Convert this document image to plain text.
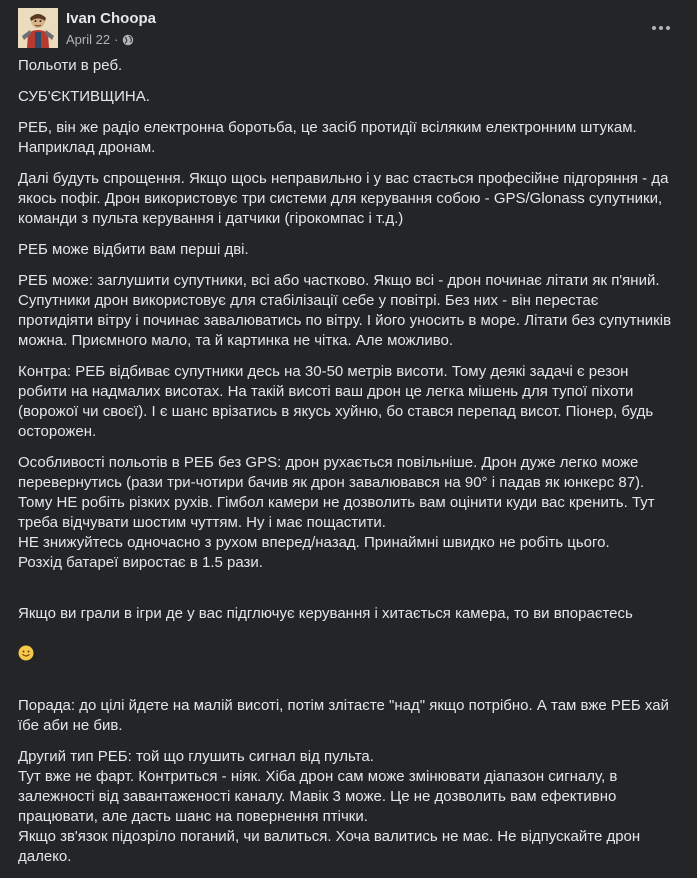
Ivan Choopa
April 22 ·

Польоти в реб.

СУБ'ЄКТИВЩИНА.

РЕБ, він же радіо електронна боротьба, це засіб протидії всіляким електронним штукам. Наприклад дронам.

Далі будуть спрощення. Якщо щось неправильно і у вас стається професійне підгоряння - да якось пофіг. Дрон використовує три системи для керування собою - GPS/Glonass супутники, команди з пульта керування і датчики (гірокомпас і т.д.)

РЕБ може відбити вам перші дві.

РЕБ може: заглушити супутники, всі або частково. Якщо всі - дрон починає літати як п'яний. Супутники дрон використовує для стабілізації себе у повітрі. Без них - він перестає протидіяти вітру і починає завалюватись по вітру. І його уносить в море. Літати без супутників можна. Приємного мало, та й картинка не чітка. Але можливо.

Контра: РЕБ відбиває супутники десь на 30-50 метрів висоти. Тому деякі задачі є резон робити на надмалих висотах. На такій висоті ваш дрон це легка мішень для тупої піхоти (ворожої чи своєї). І є шанс врізатись в якусь хуйню, бо стався перепад висот. Піонер, будь осторожен.

Особливості польотів в РЕБ без GPS: дрон рухається повільніше. Дрон дуже легко може перевернутись (рази три-чотири бачив як дрон завалювався на 90° і падав як юнкерс 87). Тому НЕ робіть різких рухів. Гімбол камери не дозволить вам оцінити куди вас кренить. Тут треба відчувати шостим чуттям. Ну і має пощастити.
НЕ знижуйтесь одночасно з рухом вперед/назад. Принаймні швидко не робіть цього.
Розхід батареї виростає в 1.5 рази.

Якщо ви грали в ігри де у вас підглючує керування і хитається камера, то ви впораєтесь

Порада: до цілі йдете на малій висоті, потім злітаєте "над" якщо потрібно. А там вже РЕБ хай їбе аби не бив.

Другий тип РЕБ: той що глушить сигнал від пульта.
Тут вже не фарт. Контриться - ніяк. Хіба дрон сам може змінювати діапазон сигналу, в залежності від завантаженості каналу. Мавік 3 може. Це не дозволить вам ефективно працювати, але дасть шанс на повернення птічки.
Якщо зв'язок підозріло поганий, чи валиться. Хоча валитись не має. Не відпускайте дрон далеко.
